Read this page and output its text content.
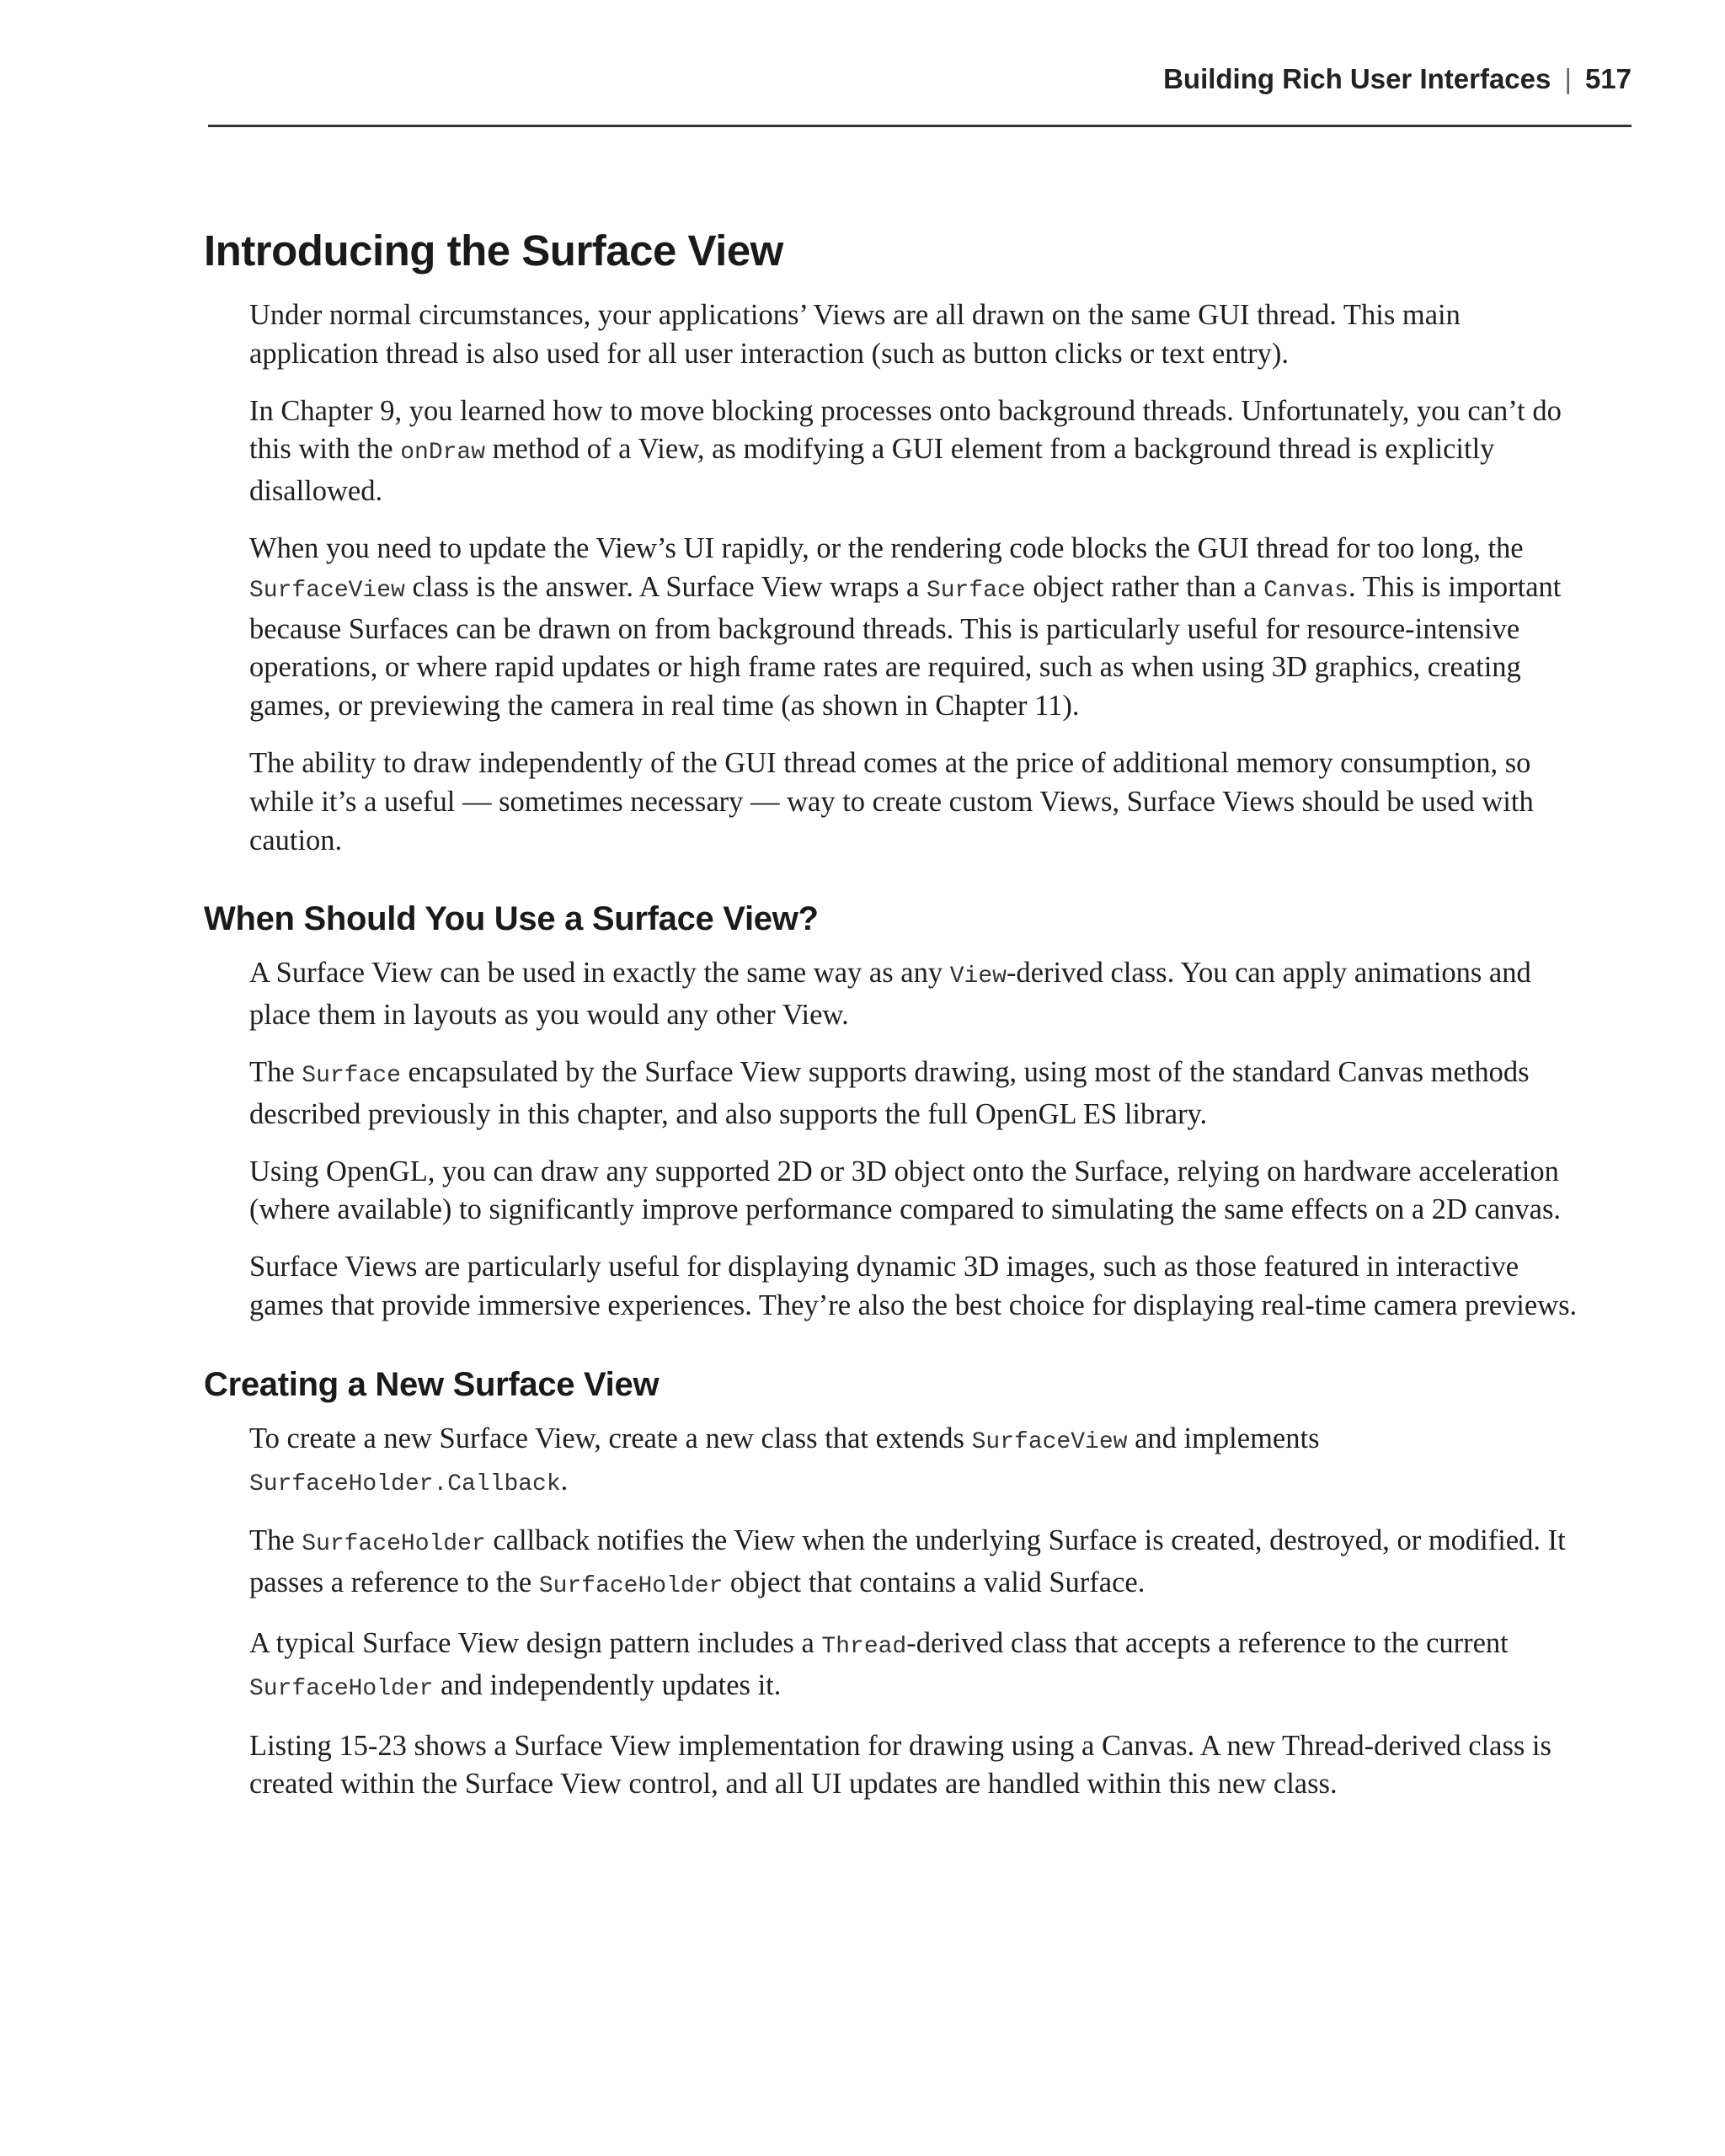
Building Rich User Interfaces | 517
Introducing the Surface View

Under normal circumstances, your applications’ Views are all drawn on the same GUI thread. This main application thread is also used for all user interaction (such as button clicks or text entry).

In Chapter 9, you learned how to move blocking processes onto background threads. Unfortunately, you can’t do this with the onDraw method of a View, as modifying a GUI element from a background thread is explicitly disallowed.

When you need to update the View’s UI rapidly, or the rendering code blocks the GUI thread for too long, the SurfaceView class is the answer. A Surface View wraps a Surface object rather than a Canvas. This is important because Surfaces can be drawn on from background threads. This is particularly useful for resource-intensive operations, or where rapid updates or high frame rates are required, such as when using 3D graphics, creating games, or previewing the camera in real time (as shown in Chapter 11).

The ability to draw independently of the GUI thread comes at the price of additional memory consumption, so while it’s a useful — sometimes necessary — way to create custom Views, Surface Views should be used with caution.

When Should You Use a Surface View?

A Surface View can be used in exactly the same way as any View-derived class. You can apply animations and place them in layouts as you would any other View.

The Surface encapsulated by the Surface View supports drawing, using most of the standard Canvas methods described previously in this chapter, and also supports the full OpenGL ES library.

Using OpenGL, you can draw any supported 2D or 3D object onto the Surface, relying on hardware acceleration (where available) to significantly improve performance compared to simulating the same effects on a 2D canvas.

Surface Views are particularly useful for displaying dynamic 3D images, such as those featured in interactive games that provide immersive experiences. They’re also the best choice for displaying real-time camera previews.

Creating a New Surface View

To create a new Surface View, create a new class that extends SurfaceView and implements SurfaceHolder.Callback.

The SurfaceHolder callback notifies the View when the underlying Surface is created, destroyed, or modified. It passes a reference to the SurfaceHolder object that contains a valid Surface.

A typical Surface View design pattern includes a Thread-derived class that accepts a reference to the current SurfaceHolder and independently updates it.

Listing 15-23 shows a Surface View implementation for drawing using a Canvas. A new Thread-derived class is created within the Surface View control, and all UI updates are handled within this new class.
